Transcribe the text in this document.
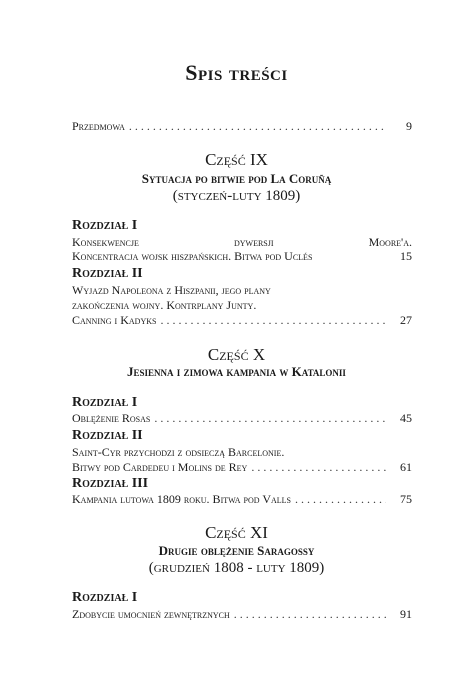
Spis treści
Przedmowa . . .	9
Część IX
Sytuacja po bitwie pod La Coruñą
(styczeń-luty 1809)
Rozdział I
Konsekwencje	dywersji	Moore'a.
Koncentracja wojsk hiszpańskich. Bitwa pod Uclés	15
Rozdział II
Wyjazd Napoleona z Hiszpanii, jego plany
zakończenia wojny. Kontrplany Junty.
Canning i Kadyks . . .	27
Część X
Jesienna i zimowa kampania w Katalonii
Rozdział I
Oblężenie Rosas . . .	45
Rozdział II
Saint-Cyr przychodzi z odsieczą Barcelonie.
Bitwy pod Cardedeu i Molins de Rey . . .	61
Rozdział III
Kampania lutowa 1809 roku. Bitwa pod Valls . . .	75
Część XI
Drugie oblężenie Saragossy
(grudzień 1808 - luty 1809)
Rozdział I
Zdobycie umocnień zewnętrznych . . .	91
